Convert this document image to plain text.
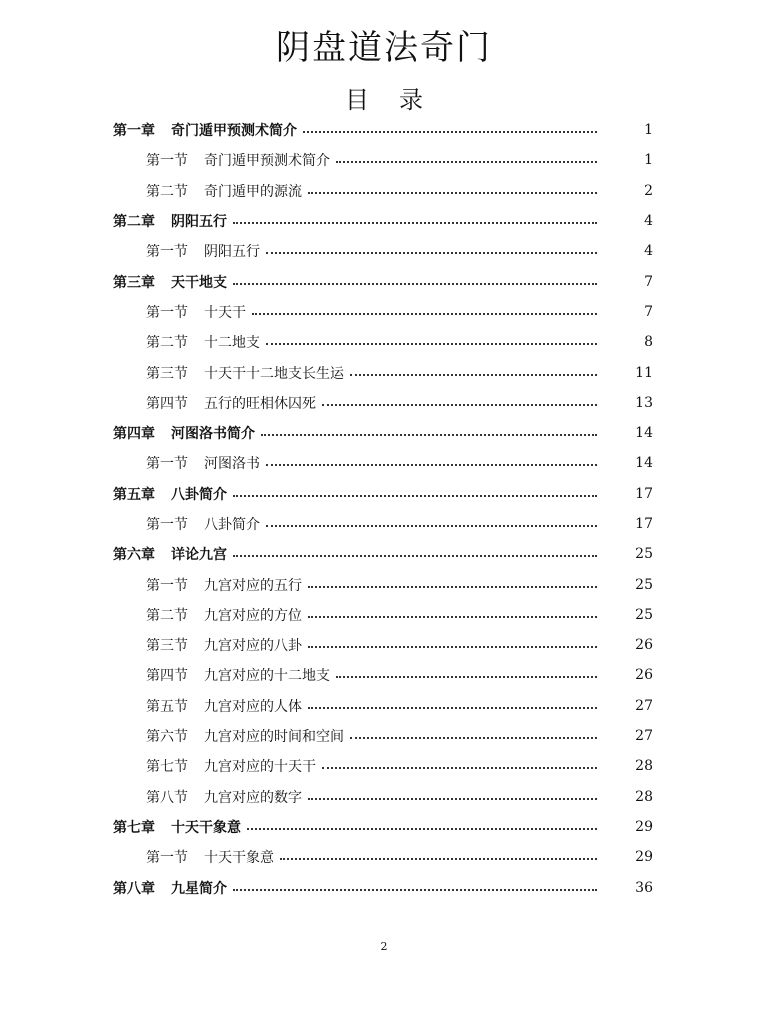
阴盘道法奇门
目录
第一章 奇门遁甲预测术简介	1
第一节 奇门遁甲预测术简介	1
第二节 奇门遁甲的源流	2
第二章 阴阳五行	4
第一节 阴阳五行	4
第三章 天干地支	7
第一节 十天干	7
第二节 十二地支	8
第三节 十天干十二地支长生运	11
第四节 五行的旺相休囚死	13
第四章 河图洛书简介	14
第一节 河图洛书	14
第五章 八卦简介	17
第一节 八卦简介	17
第六章 详论九宫	25
第一节 九宫对应的五行	25
第二节 九宫对应的方位	25
第三节 九宫对应的八卦	26
第四节 九宫对应的十二地支	26
第五节 九宫对应的人体	27
第六节 九宫对应的时间和空间	27
第七节 九宫对应的十天干	28
第八节 九宫对应的数字	28
第七章 十天干象意	29
第一节 十天干象意	29
第八章 九星简介	36
2
